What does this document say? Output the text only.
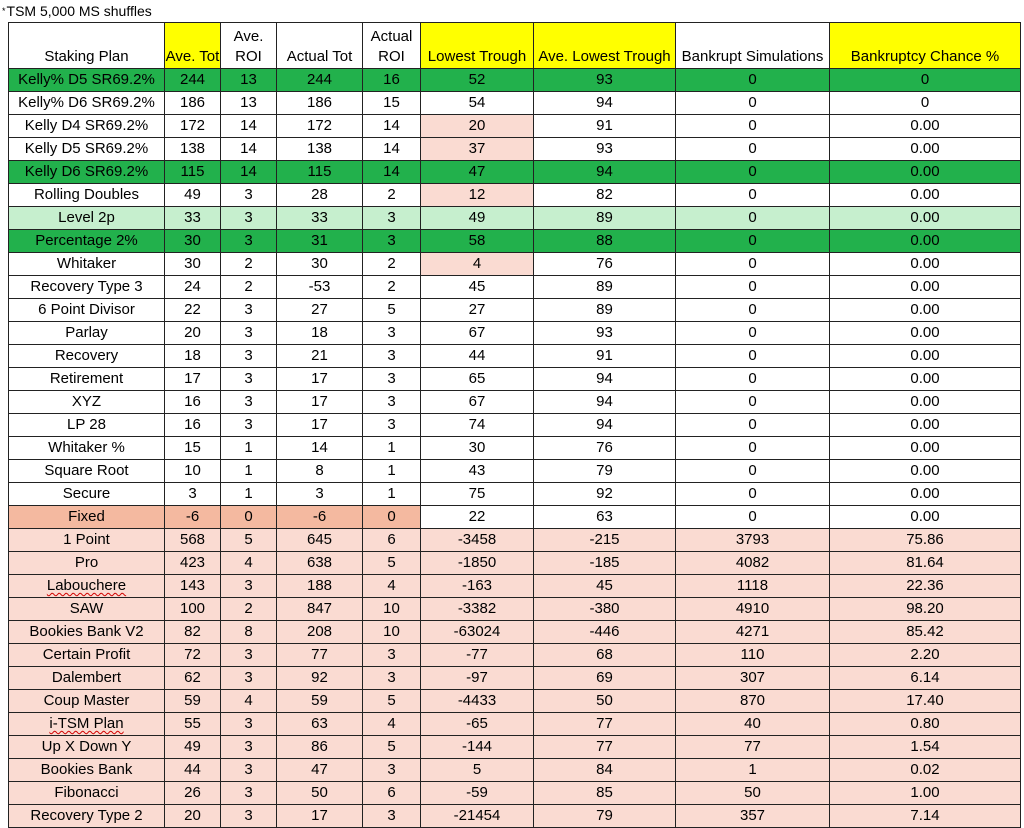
*TSM 5,000 MS shuffles
Staking Plan	Ave. Tot	Ave. ROI	Actual Tot	Actual ROI	Lowest Trough	Ave. Lowest Trough	Bankrupt Simulations	Bankruptcy Chance %
Kelly% D5 SR69.2%	244	13	244	16	52	93	0	0
Kelly% D6 SR69.2%	186	13	186	15	54	94	0	0
Kelly D4 SR69.2%	172	14	172	14	20	91	0	0.00
Kelly D5 SR69.2%	138	14	138	14	37	93	0	0.00
Kelly D6 SR69.2%	115	14	115	14	47	94	0	0.00
Rolling Doubles	49	3	28	2	12	82	0	0.00
Level 2p	33	3	33	3	49	89	0	0.00
Percentage 2%	30	3	31	3	58	88	0	0.00
Whitaker	30	2	30	2	4	76	0	0.00
Recovery Type 3	24	2	-53	2	45	89	0	0.00
6 Point Divisor	22	3	27	5	27	89	0	0.00
Parlay	20	3	18	3	67	93	0	0.00
Recovery	18	3	21	3	44	91	0	0.00
Retirement	17	3	17	3	65	94	0	0.00
XYZ	16	3	17	3	67	94	0	0.00
LP 28	16	3	17	3	74	94	0	0.00
Whitaker %	15	1	14	1	30	76	0	0.00
Square Root	10	1	8	1	43	79	0	0.00
Secure	3	1	3	1	75	92	0	0.00
Fixed	-6	0	-6	0	22	63	0	0.00
1 Point	568	5	645	6	-3458	-215	3793	75.86
Pro	423	4	638	5	-1850	-185	4082	81.64
Labouchere	143	3	188	4	-163	45	1118	22.36
SAW	100	2	847	10	-3382	-380	4910	98.20
Bookies Bank V2	82	8	208	10	-63024	-446	4271	85.42
Certain Profit	72	3	77	3	-77	68	110	2.20
Dalembert	62	3	92	3	-97	69	307	6.14
Coup Master	59	4	59	5	-4433	50	870	17.40
i-TSM Plan	55	3	63	4	-65	77	40	0.80
Up X Down Y	49	3	86	5	-144	77	77	1.54
Bookies Bank	44	3	47	3	5	84	1	0.02
Fibonacci	26	3	50	6	-59	85	50	1.00
Recovery Type 2	20	3	17	3	-21454	79	357	7.14
